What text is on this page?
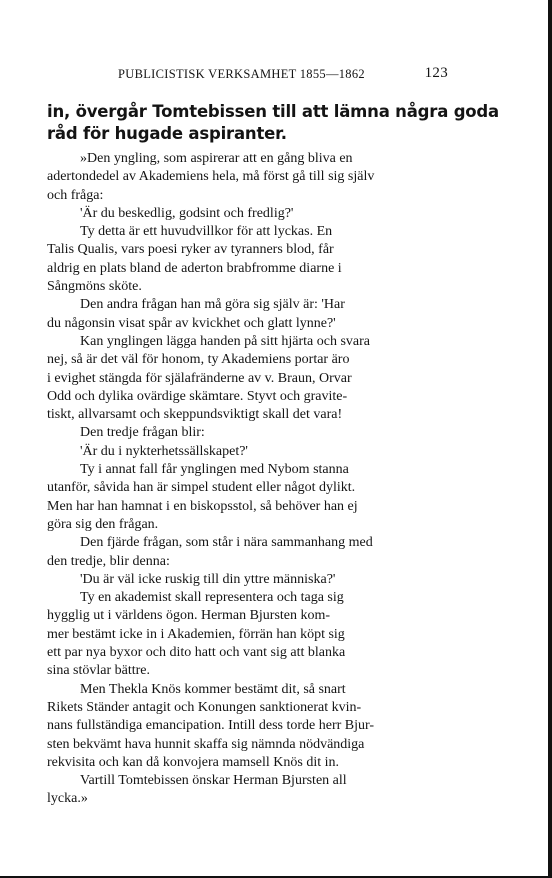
PUBLICISTISK VERKSAMHET 1855—1862	123
in, övergår Tomtebissen till att lämna några goda
råd för hugade aspiranter.
»Den yngling, som aspirerar att en gång bliva en
adertondedel av Akademiens hela, må först gå till sig själv
och fråga:
'Är du beskedlig, godsint och fredlig?'
Ty detta är ett huvudvillkor för att lyckas. En
Talis Qualis, vars poesi ryker av tyranners blod, får
aldrig en plats bland de aderton brabfromme diarne i
Sångmöns sköte.
Den andra frågan han må göra sig själv är: 'Har
du någonsin visat spår av kvickhet och glatt lynne?'
Kan ynglingen lägga handen på sitt hjärta och svara
nej, så är det väl för honom, ty Akademiens portar äro
i evighet stängda för själafränderne av v. Braun, Orvar
Odd och dylika ovärdige skämtare. Styvt och gravite-
tiskt, allvarsamt och skeppundsviktigt skall det vara!
Den tredje frågan blir:
'Är du i nykterhetssällskapet?'
Ty i annat fall får ynglingen med Nybom stanna
utanför, såvida han är simpel student eller något dylikt.
Men har han hamnat i en biskopsstol, så behöver han ej
göra sig den frågan.
Den fjärde frågan, som står i nära sammanhang med
den tredje, blir denna:
'Du är väl icke ruskig till din yttre människa?'
Ty en akademist skall representera och taga sig
hygglig ut i världens ögon. Herman Bjursten kom-
mer bestämt icke in i Akademien, förrän han köpt sig
ett par nya byxor och dito hatt och vant sig att blanka
sina stövlar bättre.
Men Thekla Knös kommer bestämt dit, så snart
Rikets Ständer antagit och Konungen sanktionerat kvin-
nans fullständiga emancipation. Intill dess torde herr Bjur-
sten bekvämt hava hunnit skaffa sig nämnda nödvändiga
rekvisita och kan då konvojera mamsell Knös dit in.
Vartill Tomtebissen önskar Herman Bjursten all
lycka.»
